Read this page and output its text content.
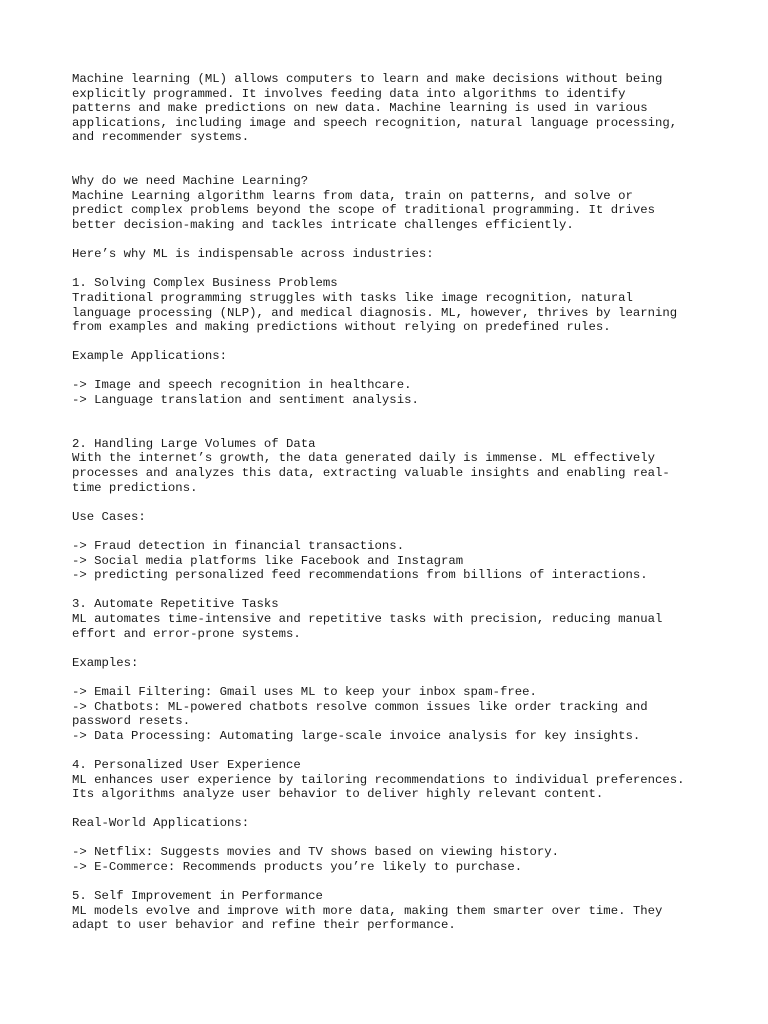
Machine learning (ML) allows computers to learn and make decisions without being
explicitly programmed. It involves feeding data into algorithms to identify
patterns and make predictions on new data. Machine learning is used in various
applications, including image and speech recognition, natural language processing,
and recommender systems.
Why do we need Machine Learning?
Machine Learning algorithm learns from data, train on patterns, and solve or
predict complex problems beyond the scope of traditional programming. It drives
better decision-making and tackles intricate challenges efficiently.
Here’s why ML is indispensable across industries:
1. Solving Complex Business Problems
Traditional programming struggles with tasks like image recognition, natural
language processing (NLP), and medical diagnosis. ML, however, thrives by learning
from examples and making predictions without relying on predefined rules.
Example Applications:
-> Image and speech recognition in healthcare.
-> Language translation and sentiment analysis.
2. Handling Large Volumes of Data
With the internet’s growth, the data generated daily is immense. ML effectively
processes and analyzes this data, extracting valuable insights and enabling real-
time predictions.
Use Cases:
-> Fraud detection in financial transactions.
-> Social media platforms like Facebook and Instagram
-> predicting personalized feed recommendations from billions of interactions.
3. Automate Repetitive Tasks
ML automates time-intensive and repetitive tasks with precision, reducing manual
effort and error-prone systems.
Examples:
-> Email Filtering: Gmail uses ML to keep your inbox spam-free.
-> Chatbots: ML-powered chatbots resolve common issues like order tracking and
password resets.
-> Data Processing: Automating large-scale invoice analysis for key insights.
4. Personalized User Experience
ML enhances user experience by tailoring recommendations to individual preferences.
Its algorithms analyze user behavior to deliver highly relevant content.
Real-World Applications:
-> Netflix: Suggests movies and TV shows based on viewing history.
-> E-Commerce: Recommends products you’re likely to purchase.
5. Self Improvement in Performance
ML models evolve and improve with more data, making them smarter over time. They
adapt to user behavior and refine their performance.
